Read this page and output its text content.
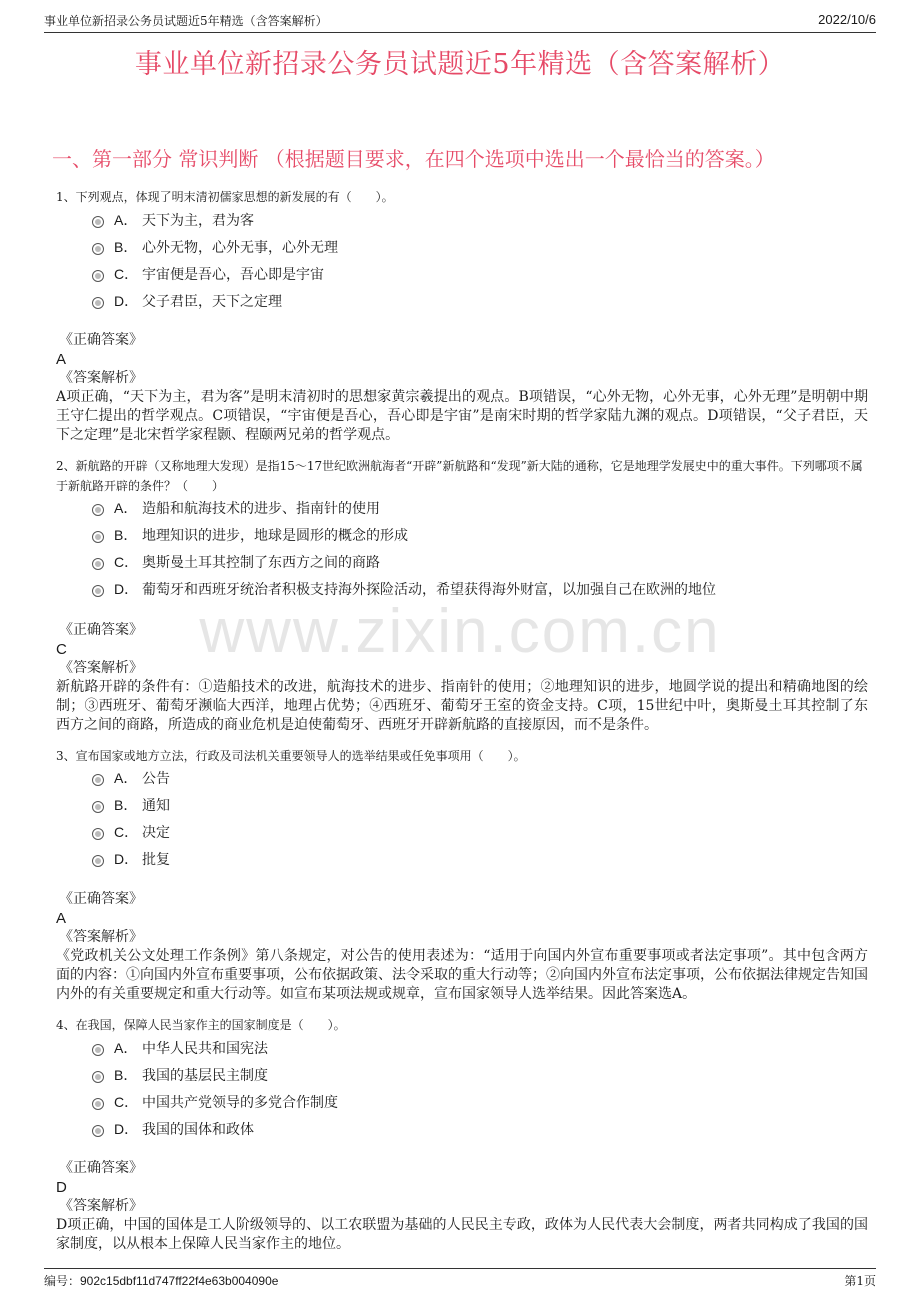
事业单位新招录公务员试题近5年精选（含答案解析）	2022/10/6
事业单位新招录公务员试题近5年精选（含答案解析）
一、第一部分 常识判断 （根据题目要求，在四个选项中选出一个最恰当的答案。）
www.zixin.com.cn
1、下列观点，体现了明末清初儒家思想的新发展的有（　　）。
A． 天下为主，君为客
B． 心外无物，心外无事，心外无理
C． 宇宙便是吾心，吾心即是宇宙
D． 父子君臣，天下之定理
《正确答案》
A
《答案解析》
A项正确，“天下为主，君为客”是明末清初时的思想家黄宗羲提出的观点。B项错误，“心外无物，心外无事，心外无理”是明朝中期王守仁提出的哲学观点。C项错误，“宇宙便是吾心，吾心即是宇宙”是南宋时期的哲学家陆九渊的观点。D项错误，“父子君臣，天下之定理”是北宋哲学家程颢、程颐两兄弟的哲学观点。
2、新航路的开辟（又称地理大发现）是指15～17世纪欧洲航海者“开辟”新航路和“发现”新大陆的通称，它是地理学发展史中的重大事件。下列哪项不属于新航路开辟的条件？（　　）
A． 造船和航海技术的进步、指南针的使用
B． 地理知识的进步，地球是圆形的概念的形成
C． 奥斯曼土耳其控制了东西方之间的商路
D． 葡萄牙和西班牙统治者积极支持海外探险活动，希望获得海外财富，以加强自己在欧洲的地位
《正确答案》
C
《答案解析》
新航路开辟的条件有：①造船技术的改进，航海技术的进步、指南针的使用；②地理知识的进步，地圆学说的提出和精确地图的绘制；③西班牙、葡萄牙濒临大西洋，地理占优势；④西班牙、葡萄牙王室的资金支持。C项，15世纪中叶，奥斯曼土耳其控制了东西方之间的商路，所造成的商业危机是迫使葡萄牙、西班牙开辟新航路的直接原因，而不是条件。
3、宣布国家或地方立法，行政及司法机关重要领导人的选举结果或任免事项用（　　）。
A． 公告
B． 通知
C． 决定
D． 批复
《正确答案》
A
《答案解析》
《党政机关公文处理工作条例》第八条规定，对公告的使用表述为：“适用于向国内外宣布重要事项或者法定事项”。其中包含两方面的内容：①向国内外宣布重要事项，公布依据政策、法令采取的重大行动等；②向国内外宣布法定事项，公布依据法律规定告知国内外的有关重要规定和重大行动等。如宣布某项法规或规章，宣布国家领导人选举结果。因此答案选A。
4、在我国，保障人民当家作主的国家制度是（　　）。
A． 中华人民共和国宪法
B． 我国的基层民主制度
C． 中国共产党领导的多党合作制度
D． 我国的国体和政体
《正确答案》
D
《答案解析》
D项正确，中国的国体是工人阶级领导的、以工农联盟为基础的人民民主专政，政体为人民代表大会制度，两者共同构成了我国的国家制度，以从根本上保障人民当家作主的地位。
编号：902c15dbf11d747ff22f4e63b004090e	第1页
